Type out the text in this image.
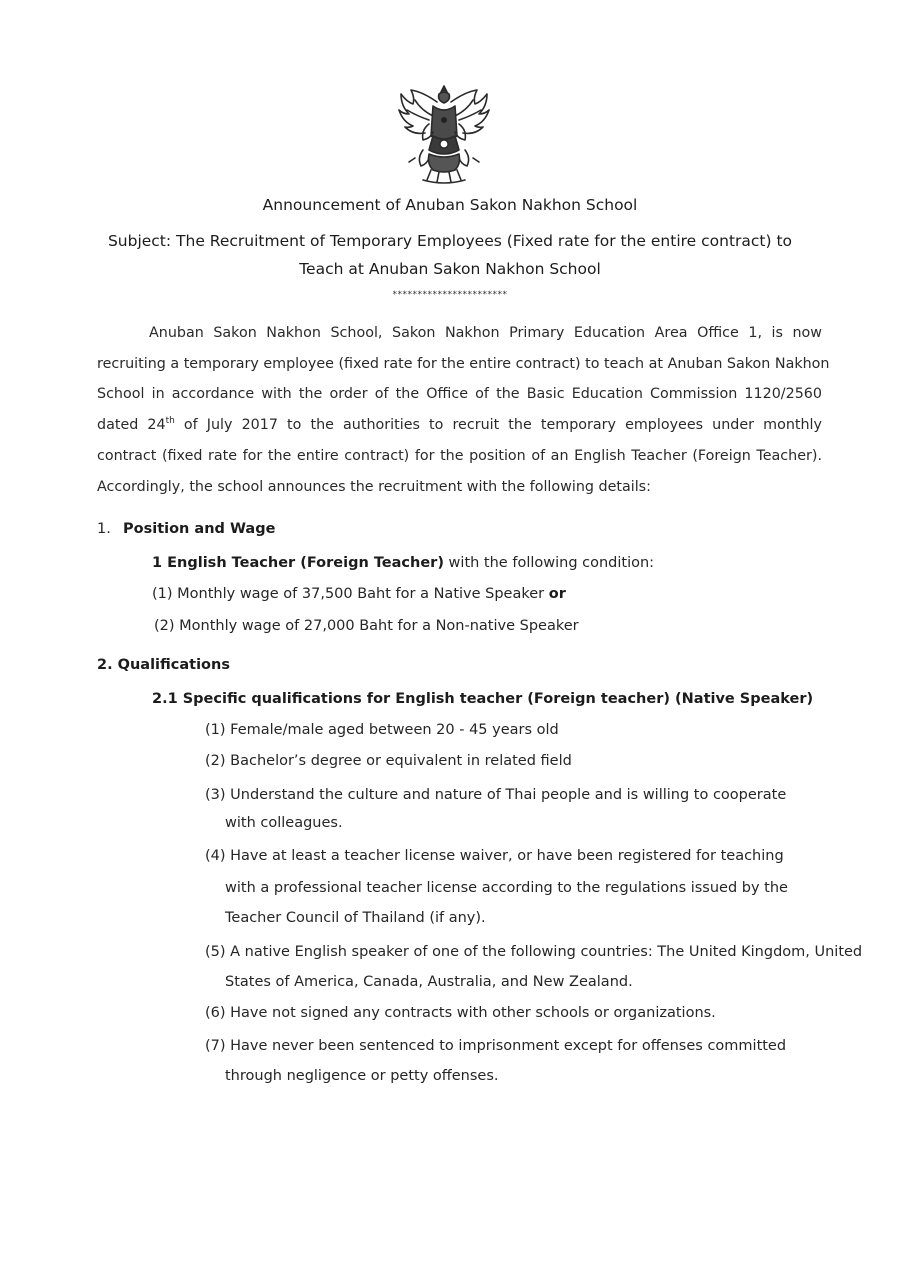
Announcement of Anuban Sakon Nakhon School
Subject: The Recruitment of Temporary Employees (Fixed rate for the entire contract) to
Teach at Anuban Sakon Nakhon School
***********************
Anuban Sakon Nakhon School, Sakon Nakhon Primary Education Area Office 1, is now
recruiting a temporary employee (fixed rate for the entire contract) to teach at Anuban Sakon Nakhon
School in accordance with the order of the Office of the Basic Education Commission 1120/2560
dated 24th of July 2017 to the authorities to recruit the temporary employees under monthly
contract (fixed rate for the entire contract) for the position of an English Teacher (Foreign Teacher).
Accordingly, the school announces the recruitment with the following details:
1. Position and Wage
1 English Teacher (Foreign Teacher) with the following condition:
(1) Monthly wage of 37,500 Baht for a Native Speaker or
(2) Monthly wage of 27,000 Baht for a Non-native Speaker
2. Qualifications
2.1 Specific qualifications for English teacher (Foreign teacher) (Native Speaker)
(1) Female/male aged between 20 - 45 years old
(2) Bachelor’s degree or equivalent in related field
(3) Understand the culture and nature of Thai people and is willing to cooperate
with colleagues.
(4) Have at least a teacher license waiver, or have been registered for teaching
with a professional teacher license according to the regulations issued by the
Teacher Council of Thailand (if any).
(5) A native English speaker of one of the following countries: The United Kingdom, United
States of America, Canada, Australia, and New Zealand.
(6) Have not signed any contracts with other schools or organizations.
(7) Have never been sentenced to imprisonment except for offenses committed
through negligence or petty offenses.
